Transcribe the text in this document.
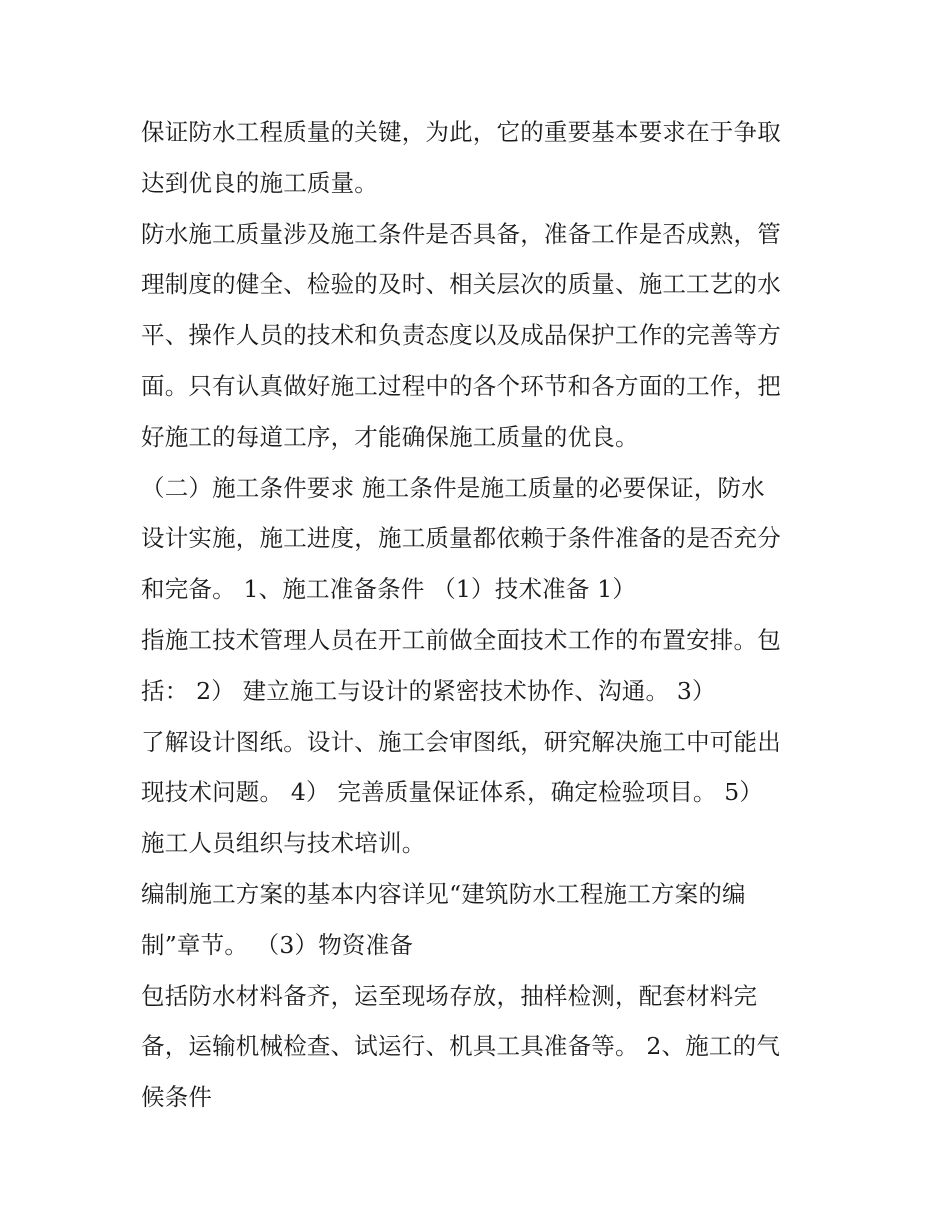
保证防水工程质量的关键，为此，它的重要基本要求在于争取
达到优良的施工质量。
防水施工质量涉及施工条件是否具备，准备工作是否成熟，管
理制度的健全、检验的及时、相关层次的质量、施工工艺的水
平、操作人员的技术和负责态度以及成品保护工作的完善等方
面。只有认真做好施工过程中的各个环节和各方面的工作，把
好施工的每道工序，才能确保施工质量的优良。
（二）施工条件要求 施工条件是施工质量的必要保证，防水
设计实施，施工进度，施工质量都依赖于条件准备的是否充分
和完备。 1、施工准备条件 （1）技术准备 1）
指施工技术管理人员在开工前做全面技术工作的布置安排。包
括： 2） 建立施工与设计的紧密技术协作、沟通。 3）
了解设计图纸。设计、施工会审图纸，研究解决施工中可能出
现技术问题。 4） 完善质量保证体系，确定检验项目。 5）
施工人员组织与技术培训。
编制施工方案的基本内容详见“建筑防水工程施工方案的编
制”章节。 （3）物资准备
包括防水材料备齐，运至现场存放，抽样检测，配套材料完
备，运输机械检查、试运行、机具工具准备等。 2、施工的气
候条件
